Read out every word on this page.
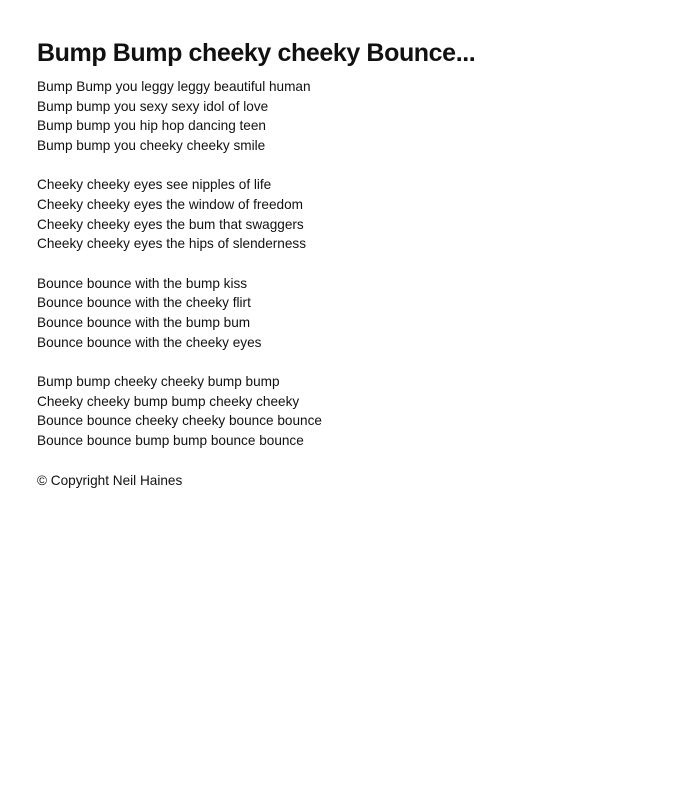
Bump Bump cheeky cheeky Bounce...
Bump Bump you leggy leggy beautiful human
Bump bump you sexy sexy idol of love
Bump bump you hip hop dancing teen
Bump bump you cheeky cheeky smile
Cheeky cheeky eyes see nipples of life
Cheeky cheeky eyes the window of freedom
Cheeky cheeky eyes the bum that swaggers
Cheeky cheeky eyes the hips of slenderness
Bounce bounce with the bump kiss
Bounce bounce with the cheeky flirt
Bounce bounce with the bump bum
Bounce bounce with the cheeky eyes
Bump bump cheeky cheeky bump bump
Cheeky cheeky bump bump cheeky cheeky
Bounce bounce cheeky cheeky bounce bounce
Bounce bounce bump bump bounce bounce
© Copyright Neil Haines
